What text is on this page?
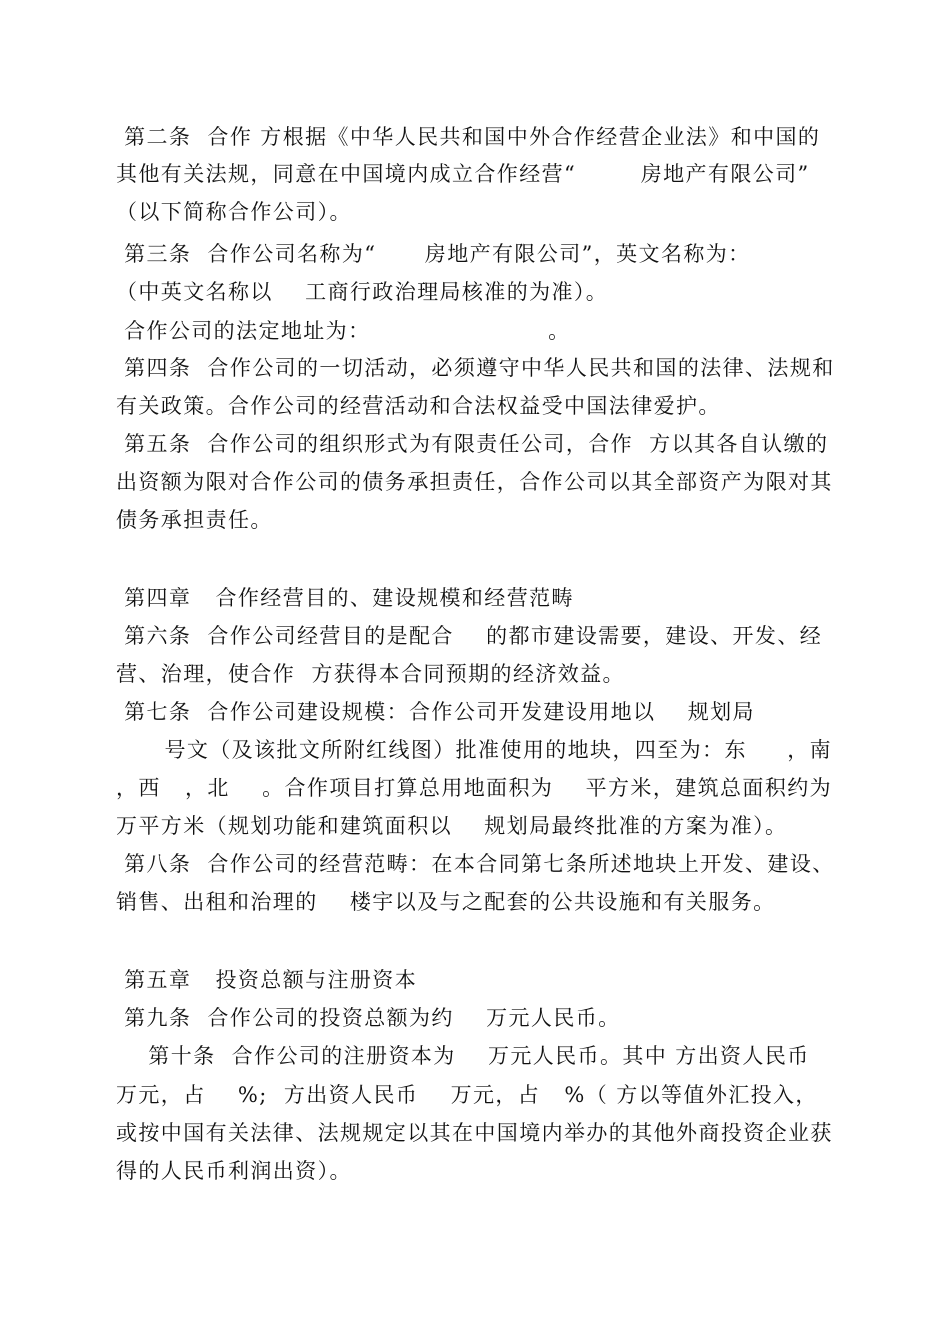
第二条  合作 方根据《中华人民共和国中外合作经营企业法》和中国的
其他有关法规，同意在中国境内成立合作经营“        房地产有限公司”
（以下简称合作公司）。
第三条  合作公司名称为“      房地产有限公司”，英文名称为：
（中英文名称以    工商行政治理局核准的为准）。
合作公司的法定地址为：                      。
第四条  合作公司的一切活动，必须遵守中华人民共和国的法律、法规和
有关政策。合作公司的经营活动和合法权益受中国法律爱护。
第五条  合作公司的组织形式为有限责任公司，合作  方以其各自认缴的
出资额为限对合作公司的债务承担责任，合作公司以其全部资产为限对其
债务承担责任。
第四章   合作经营目的、建设规模和经营范畴
第六条  合作公司经营目的是配合    的都市建设需要，建设、开发、经
营、治理，使合作  方获得本合同预期的经济效益。
第七条  合作公司建设规模：合作公司开发建设用地以    规划局
号文（及该批文所附红线图）批准使用的地块，四至为：东     ，南
，西   ，北    。合作项目打算总用地面积为    平方米，建筑总面积约为
万平方米（规划功能和建筑面积以    规划局最终批准的方案为准）。
第八条  合作公司的经营范畴：在本合同第七条所述地块上开发、建设、
销售、出租和治理的    楼宇以及与之配套的公共设施和有关服务。
第五章   投资总额与注册资本
第九条  合作公司的投资总额为约    万元人民币。
第十条  合作公司的注册资本为    万元人民币。其中 方出资人民币
万元，占    %;  方出资人民币    万元，占   %（ 方以等值外汇投入，
或按中国有关法律、法规规定以其在中国境内举办的其他外商投资企业获
得的人民币利润出资）。
